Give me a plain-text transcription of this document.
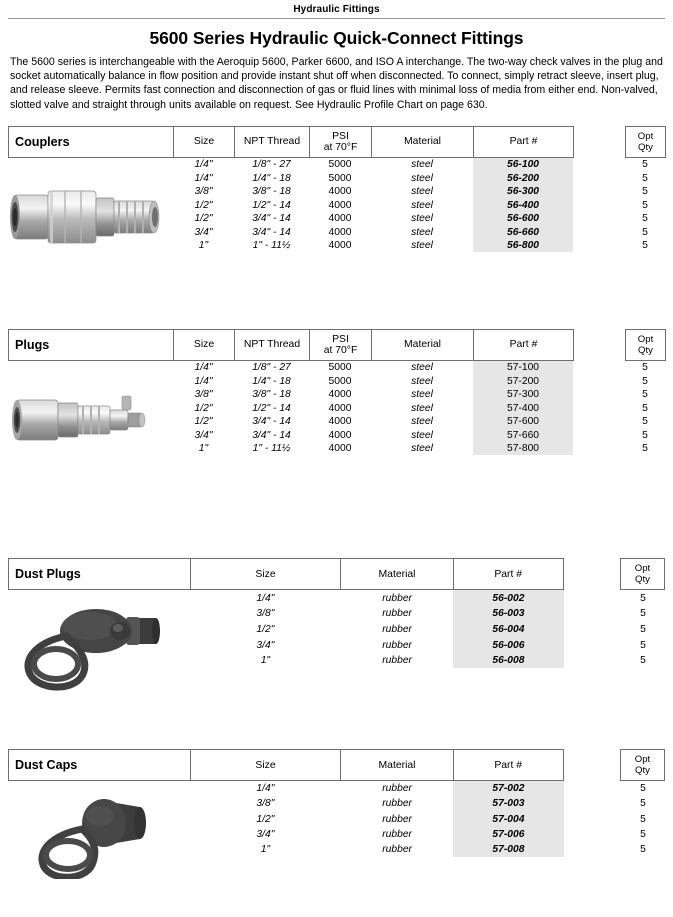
Hydraulic Fittings
5600 Series Hydraulic Quick-Connect Fittings
The 5600 series is interchangeable with the Aeroquip 5600, Parker 6600, and ISO A interchange. The two-way check valves in the plug and socket automatically balance in flow position and provide instant shut off when disconnected. To connect, simply retract sleeve, insert plug, and release sleeve. Permits fast connection and disconnection of gas or fluid lines with minimal loss of media from either end. Non-valved, slotted valve and straight through units available on request. See Hydraulic Profile Chart on page 630.
Couplers	Size	NPT Thread	PSI
at 70°F	Material	Part #		Opt
Qty
	1/4"	1/8" - 27	5000	steel	56-100		5
	1/4"	1/4" - 18	5000	steel	56-200		5
	3/8"	3/8" - 18	4000	steel	56-300		5
	1/2"	1/2" - 14	4000	steel	56-400		5
	1/2"	3/4" - 14	4000	steel	56-600		5
	3/4"	3/4" - 14	4000	steel	56-660		5
	1"	1" - 11½	4000	steel	56-800		5

Plugs	Size	NPT Thread	PSI
at 70°F	Material	Part #		Opt
Qty
	1/4"	1/8" - 27	5000	steel	57-100		5
	1/4"	1/4" - 18	5000	steel	57-200		5
	3/8"	3/8" - 18	4000	steel	57-300		5
	1/2"	1/2" - 14	4000	steel	57-400		5
	1/2"	3/4" - 14	4000	steel	57-600		5
	3/4"	3/4" - 14	4000	steel	57-660		5
	1"	1" - 11½	4000	steel	57-800		5

Dust Plugs	Size	Material	Part #		Opt
Qty
	1/4"	rubber	56-002		5
	3/8"	rubber	56-003		5
	1/2"	rubber	56-004		5
	3/4"	rubber	56-006		5
	1"	rubber	56-008		5

Dust Caps	Size	Material	Part #		Opt
Qty
	1/4"	rubber	57-002		5
	3/8"	rubber	57-003		5
	1/2"	rubber	57-004		5
	3/4"	rubber	57-006		5
	1"	rubber	57-008		5
